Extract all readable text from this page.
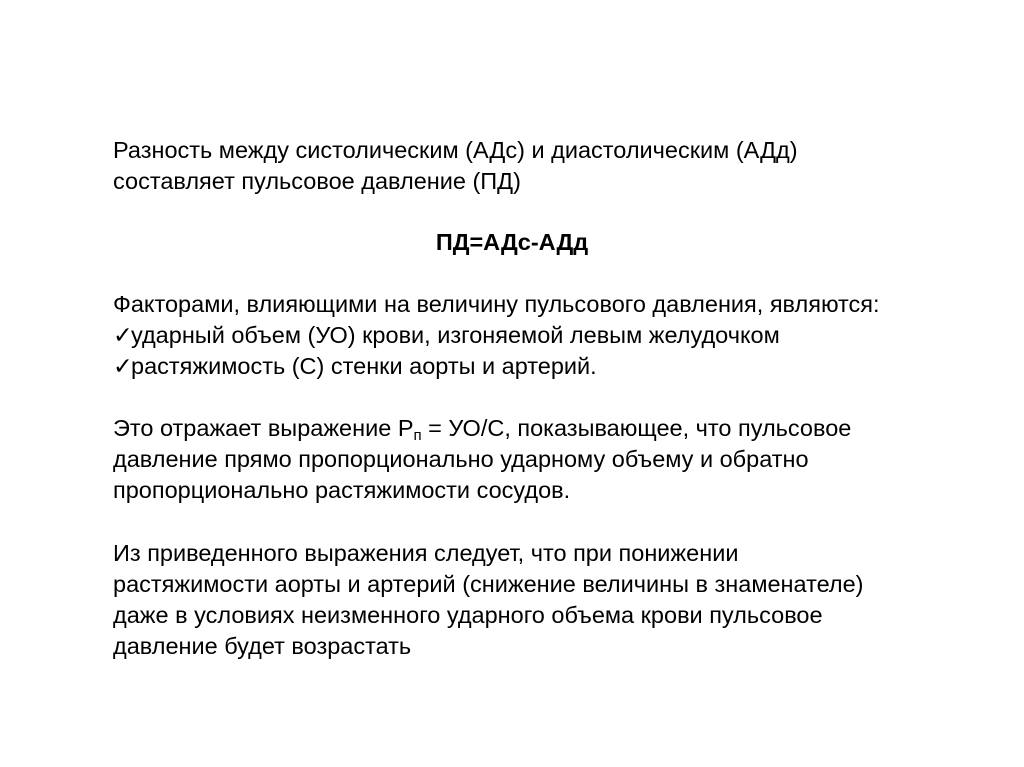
Разность между систолическим (АДс) и диастолическим (АДд)
составляет пульсовое давление (ПД)
ПД=АДс-АДд
Факторами, влияющими на величину пульсового давления, являются:
✓ударный объем (УО) крови, изгоняемой левым желудочком
✓растяжимость (С) стенки аорты и артерий.
Это отражает выражение $Р_п = УО/С$, показывающее, что пульсовое
давление прямо пропорционально ударному объему и обратно
пропорционально растяжимости сосудов.
Из приведенного выражения следует, что при понижении
растяжимости аорты и артерий (снижение величины в знаменателе)
даже в условиях неизменного ударного объема крови пульсовое
давление будет возрастать
